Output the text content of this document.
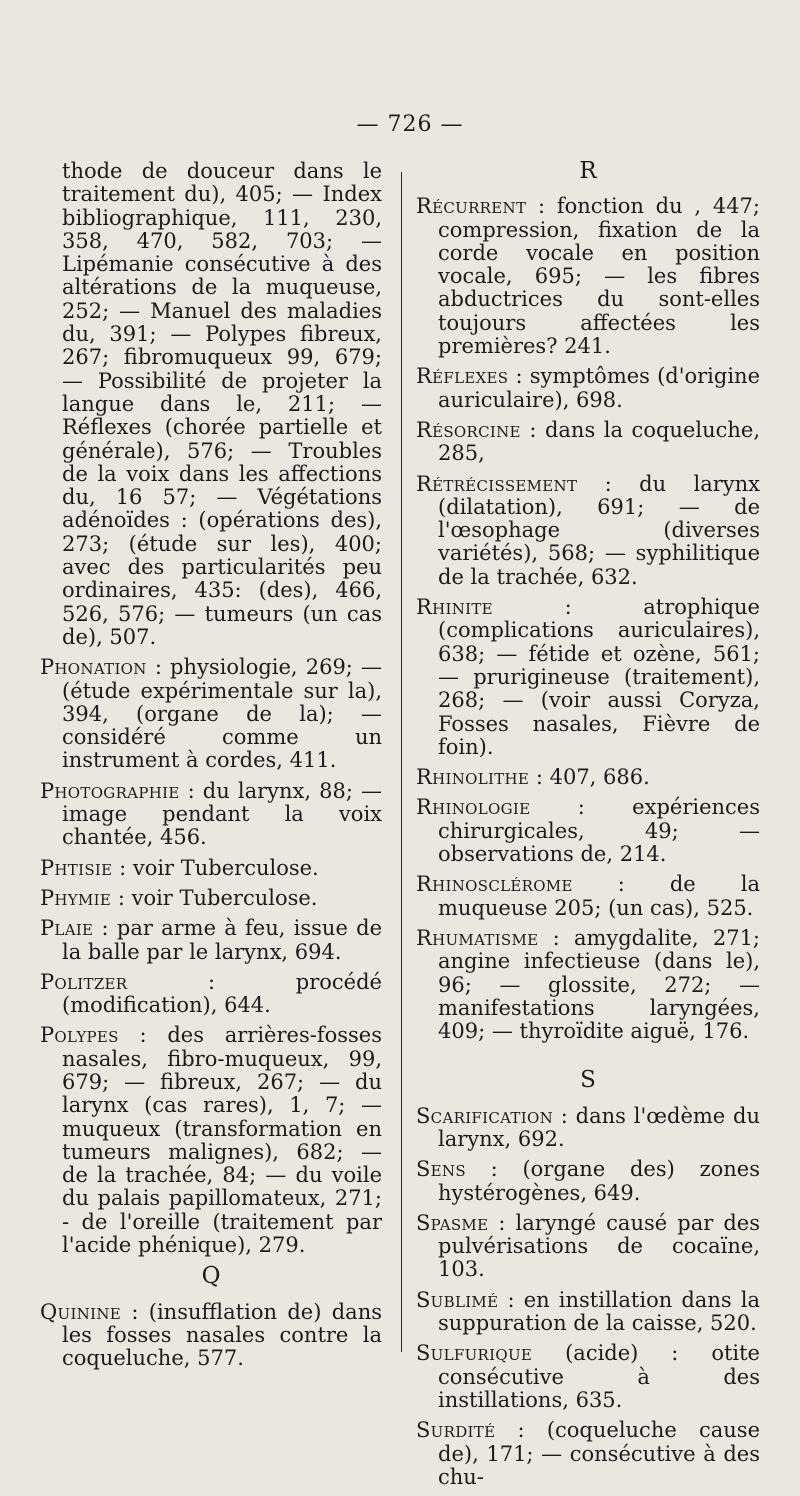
— 726 —
thode de douceur dans le traitement du), 405; — Index bibliographique, 111, 230, 358, 470, 582, 703; — Lipémanie consécutive à des altérations de la muqueuse, 252; — Manuel des maladies du, 391; — Polypes fibreux, 267; fibromuqueux 99, 679; — Possibilité de projeter la langue dans le, 211; — Réflexes (chorée partielle et générale), 576; — Troubles de la voix dans les affections du, 16 57; — Végétations adénoïdes : (opérations des), 273; (étude sur les), 400; avec des particularités peu ordinaires, 435: (des), 466, 526, 576; — tumeurs (un cas de), 507.
Phonation : physiologie, 269; — (étude expérimentale sur la), 394, (organe de la); — considéré comme un instrument à cordes, 411.
Photographie : du larynx, 88; — image pendant la voix chantée, 456.
Phtisie : voir Tuberculose.
Phymie : voir Tuberculose.
Plaie : par arme à feu, issue de la balle par le larynx, 694.
Politzer : procédé (modification), 644.
Polypes : des arrières-fosses nasales, fibro-muqueux, 99, 679; — fibreux, 267; — du larynx (cas rares), 1, 7; — muqueux (transformation en tumeurs malignes), 682; — de la trachée, 84; — du voile du palais papillomateux, 271; - de l'oreille (traitement par l'acide phénique), 279.
Q
Quinine : (insufflation de) dans les fosses nasales contre la coqueluche, 577.
R
Récurrent : fonction du , 447; compression, fixation de la corde vocale en position vocale, 695; — les fibres abductrices du sont-elles toujours affectées les premières? 241.
Réflexes : symptômes (d'origine auriculaire), 698.
Résorcine : dans la coqueluche, 285,
Rétrécissement : du larynx (dilatation), 691; — de l'œsophage (diverses variétés), 568; — syphilitique de la trachée, 632.
Rhinite : atrophique (complications auriculaires), 638; — fétide et ozène, 561; — prurigineuse (traitement), 268; — (voir aussi Coryza, Fosses nasales, Fièvre de foin).
Rhinolithe : 407, 686.
Rhinologie : expériences chirurgicales, 49; — observations de, 214.
Rhinosclérome : de la muqueuse 205; (un cas), 525.
Rhumatisme : amygdalite, 271; angine infectieuse (dans le), 96; — glossite, 272; — manifestations laryngées, 409; — thyroïdite aiguë, 176.
S
Scarification : dans l'œdème du larynx, 692.
Sens : (organe des) zones hystérogènes, 649.
Spasme : laryngé causé par des pulvérisations de cocaïne, 103.
Sublimé : en instillation dans la suppuration de la caisse, 520.
Sulfurique (acide) : otite consécutive à des instillations, 635.
Surdité : (coqueluche cause de), 171; — consécutive à des chu-
